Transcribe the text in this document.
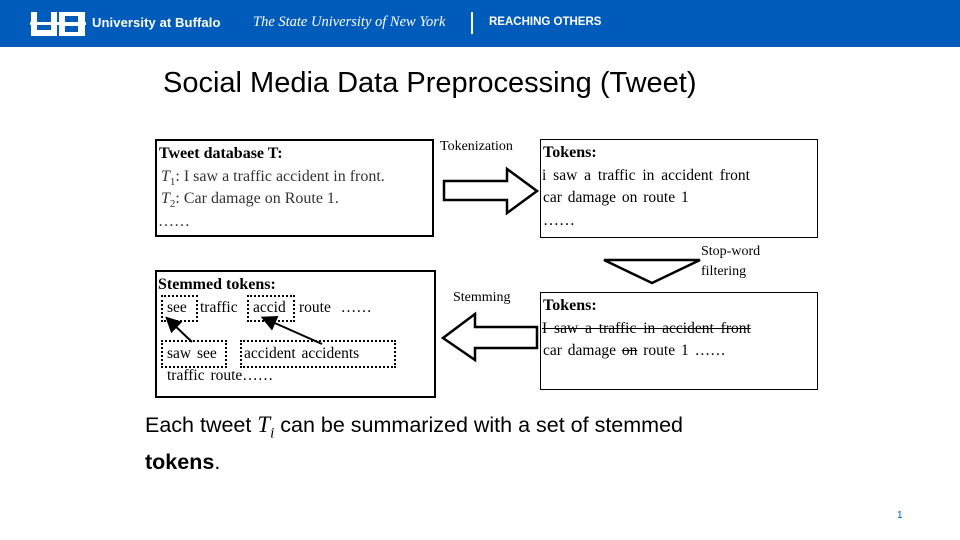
University at Buffalo The State University of New York	REACHING OTHERS
Social Media Data Preprocessing (Tweet)
Tweet database T:
$T_1$: I saw a traffic accident in front.
$T_2$: Car damage on Route 1.
……
Tokens:
i saw a traffic in accident front
car damage on route 1
……
Tokens:
I saw a traffic in accident front
car damage on route 1 ……
Stemmed tokens:
see traffic accid route ……
saw see accident accidents
traffic route……
Tokenization
Stop-word
filtering
Stemming
Each tweet $T_i$ can be summarized with a set of stemmed
tokens.
1
